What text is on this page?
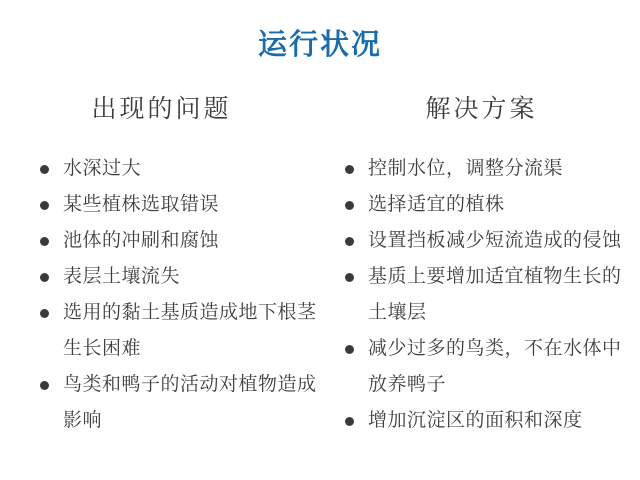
运行状况
出现的问题
水深过大
某些植株选取错误
池体的冲刷和腐蚀
表层土壤流失
选用的黏土基质造成地下根茎生长困难
鸟类和鸭子的活动对植物造成影响
解决方案
控制水位，调整分流渠
选择适宜的植株
设置挡板减少短流造成的侵蚀
基质上要增加适宜植物生长的土壤层
减少过多的鸟类，不在水体中放养鸭子
增加沉淀区的面积和深度
